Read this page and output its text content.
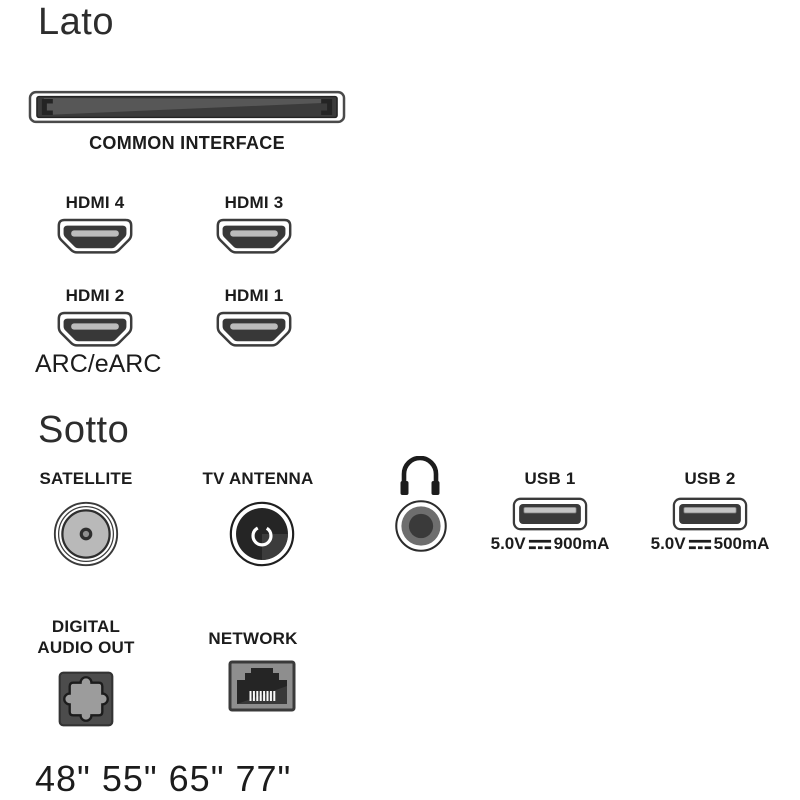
Lato
COMMON INTERFACE
HDMI 4	HDMI 3
HDMI 2	HDMI 1
ARC/eARC
Sotto
SATELLITE	TV ANTENNA	USB 1
5.0V 900mA
USB 2
5.0V 500mA
DIGITAL
AUDIO OUT	NETWORK
48" 55" 65" 77"
